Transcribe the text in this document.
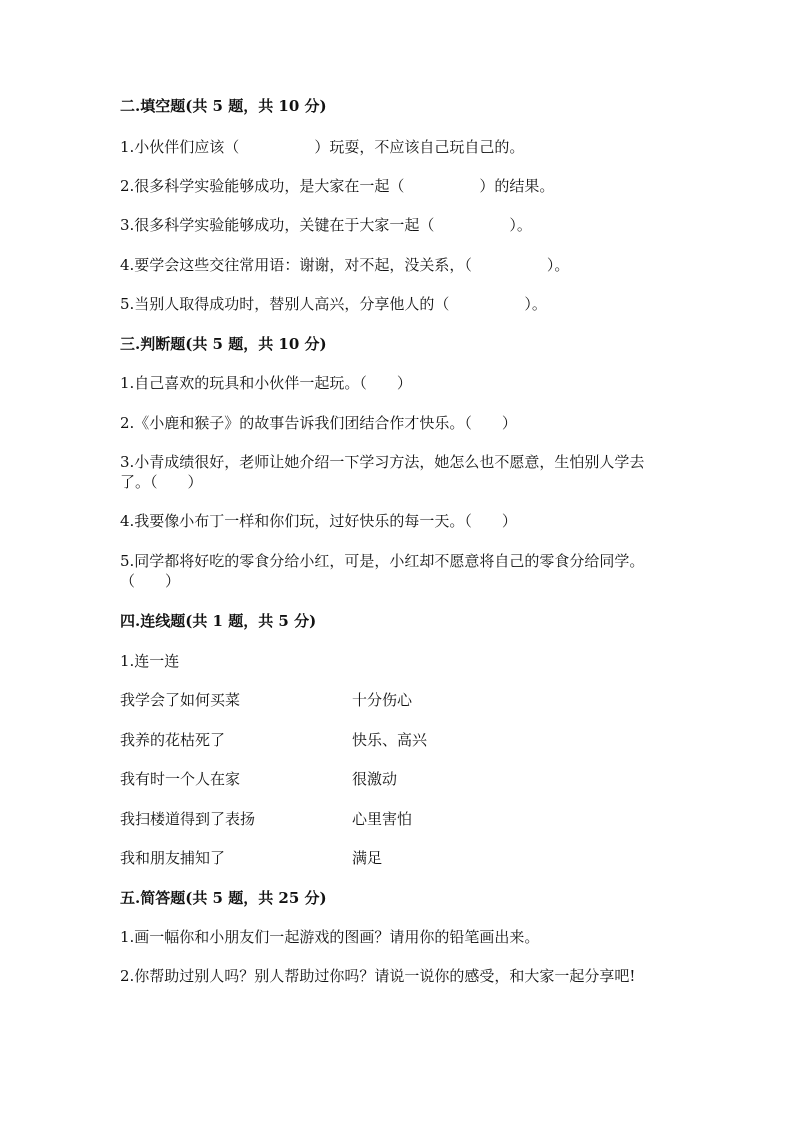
二.填空题(共 5 题，共 10 分)
1.小伙伴们应该（　　　　　）玩耍，不应该自己玩自己的。
2.很多科学实验能够成功，是大家在一起（　　　　　）的结果。
3.很多科学实验能够成功，关键在于大家一起（　　　　　）。
4.要学会这些交往常用语：谢谢，对不起，没关系，（　　　　　）。
5.当别人取得成功时，替别人高兴，分享他人的（　　　　　）。
三.判断题(共 5 题，共 10 分)
1.自己喜欢的玩具和小伙伴一起玩。（　　）
2.《小鹿和猴子》的故事告诉我们团结合作才快乐。（　　）
3.小青成绩很好，老师让她介绍一下学习方法，她怎么也不愿意，生怕别人学去了。（　　）
4.我要像小布丁一样和你们玩，过好快乐的每一天。（　　）
5.同学都将好吃的零食分给小红，可是，小红却不愿意将自己的零食分给同学。（　　）
四.连线题(共 1 题，共 5 分)
1.连一连
我学会了如何买菜	十分伤心
我养的花枯死了	快乐、高兴
我有时一个人在家	很激动
我扫楼道得到了表扬	心里害怕
我和朋友捕知了	满足
五.简答题(共 5 题，共 25 分)
1.画一幅你和小朋友们一起游戏的图画？请用你的铅笔画出来。
2.你帮助过别人吗？别人帮助过你吗？请说一说你的感受，和大家一起分享吧!
